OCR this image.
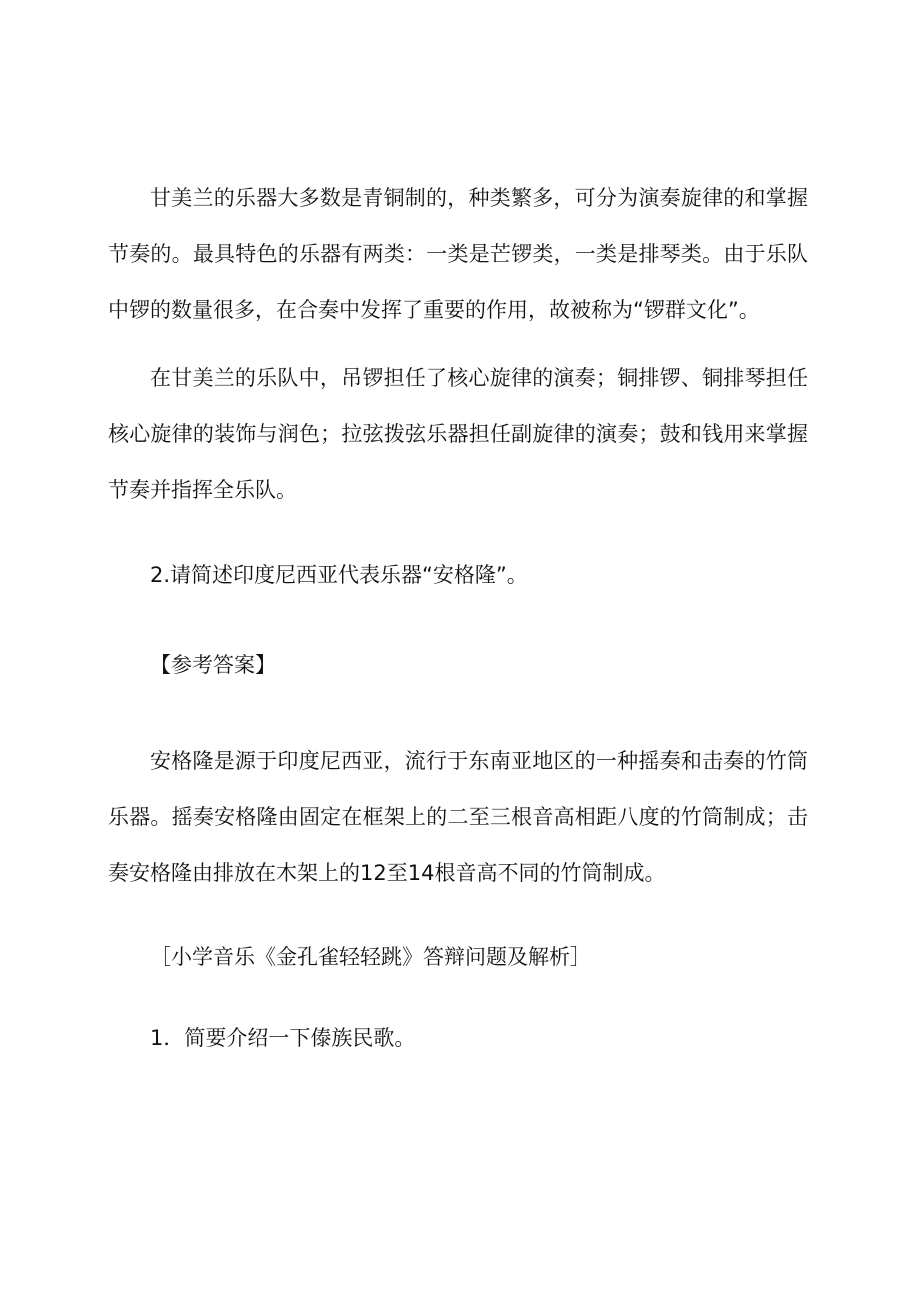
甘美兰的乐器大多数是青铜制的，种类繁多，可分为演奏旋律的和掌握节奏的。最具特色的乐器有两类：一类是芒锣类，一类是排琴类。由于乐队中锣的数量很多，在合奏中发挥了重要的作用，故被称为“锣群文化”。

在甘美兰的乐队中，吊锣担任了核心旋律的演奏；铜排锣、铜排琴担任核心旋律的装饰与润色；拉弦拨弦乐器担任副旋律的演奏；鼓和钱用来掌握节奏并指挥全乐队。

2.请简述印度尼西亚代表乐器“安格隆”。

【参考答案】

安格隆是源于印度尼西亚，流行于东南亚地区的一种摇奏和击奏的竹筒乐器。摇奏安格隆由固定在框架上的二至三根音高相距八度的竹筒制成；击奏安格隆由排放在木架上的12至14根音高不同的竹筒制成。

［小学音乐《金孔雀轻轻跳》答辩问题及解析］

1．简要介绍一下傣族民歌。
